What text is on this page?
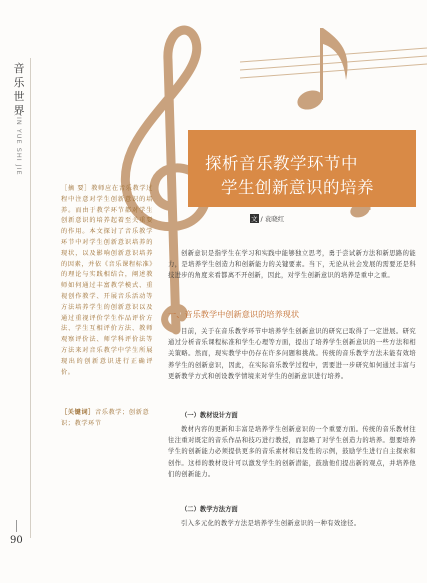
音
乐
世
界
YIN YUE SHI JIE
90
［摘 要］教师应在音乐教学过程中注意对学生创新意识的培养。而由于教学环节都对学生创新意识的培养起着至关重要的作用。本文探讨了音乐教学环节中对学生创新意识培养的现状，以及影响创新意识培养的因素，并依《音乐课程标准》的理论与实践相结合，阐述教师如何通过丰富教学模式、重视创作教学、开展音乐活动等方法培养学生的创新意识以及通过重视评价学生作品评价方法、学生互相评价方法、教师观察评价法、师学科评价法等方法来对音乐教学中学生所展现出的创新意识进行正确评价。
［关键词］音乐教学；创新意识；教学环节
探析音乐教学环节中
学生创新意识的培养
文 / 袁晓红
创新意识是指学生在学习和实践中能够独立思考，勇于尝试新方法和新思路的能力，是培养学生创造力和创新能力的关键要素。当下，无论从社会发展的需要还是科技进步的角度来看都离不开创新，因此，对学生创新意识的培养是重中之重。
一、音乐教学中创新意识的培养现状
目前，关于在音乐教学环节中培养学生创新意识的研究已取得了一定进展。研究通过分析音乐课程标准和学生心理等方面，提出了培养学生创新意识的一些方法和相关策略。然而，现实教学中仍存在许多问题和挑战。传统的音乐教学方法未能有效培养学生的创新意识，因此，在实际音乐教学过程中，需要进一步研究如何通过丰富与更新教学方式和创设教学情境来对学生的创新意识进行培养。
（一）教材设计方面
教材内容的更新和丰富是培养学生创新意识的一个重要方面。传统的音乐教材往往注重对既定的音乐作品和技巧进行教授，而忽略了对学生创造力的培养。想要培养学生的创新能力必须提供更多的音乐素材和启发性的示例，鼓励学生进行自主探索和创作。这样的教材设计可以激发学生的创新潜能，鼓励他们提出新的观点，并培养他们的创新能力。
（二）教学方法方面
引入多元化的教学方法是培养学生创新意识的一种有效途径。
